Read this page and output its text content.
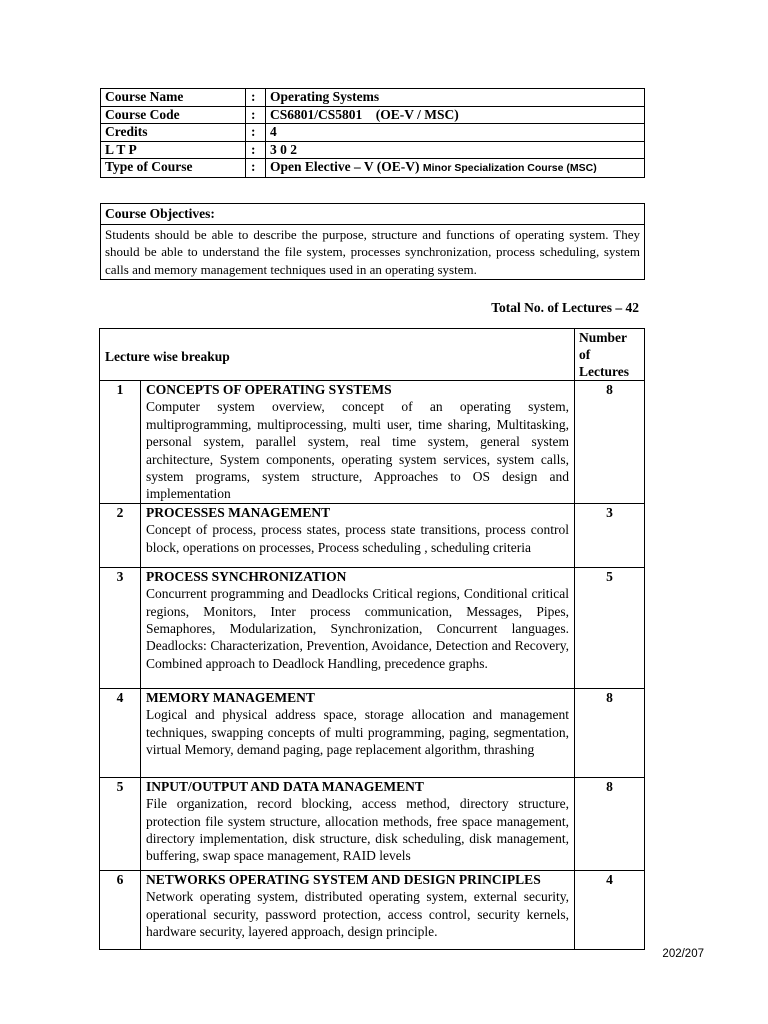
Course Name	:	Operating Systems
Course Code	:	CS6801/CS5801    (OE-V / MSC)
Credits	:	4
L T P	:	3 0 2
Type of Course	:	Open Elective – V (OE-V) Minor Specialization Course (MSC)
Course Objectives:
Students should be able to describe the purpose, structure and functions of operating system. They should be able to understand the file system, processes synchronization, process scheduling, system calls and memory management techniques used in an operating system.
Total No. of Lectures – 42
Lecture wise breakup		Number
of
Lectures

1	CONCEPTS OF OPERATING SYSTEMS
Computer system overview, concept of an operating system, multiprogramming, multiprocessing, multi user, time sharing, Multitasking, personal system, parallel system, real time system, general system architecture, System components, operating system services, system calls, system programs, system structure, Approaches to OS design and implementation	8
2	PROCESSES MANAGEMENT
Concept of process, process states, process state transitions, process control block, operations on processes, Process scheduling , scheduling criteria	3
3	PROCESS SYNCHRONIZATION
Concurrent programming and Deadlocks Critical regions, Conditional critical regions, Monitors, Inter process communication, Messages, Pipes, Semaphores, Modularization, Synchronization, Concurrent languages. Deadlocks: Characterization, Prevention, Avoidance, Detection and Recovery, Combined approach to Deadlock Handling, precedence graphs.	5
4	MEMORY MANAGEMENT
Logical and physical address space, storage allocation and management techniques, swapping concepts of multi programming, paging, segmentation, virtual Memory, demand paging, page replacement algorithm, thrashing	8
5	INPUT/OUTPUT AND DATA MANAGEMENT
File organization, record blocking, access method, directory structure, protection file system structure, allocation methods, free space management, directory implementation, disk structure, disk scheduling, disk management, buffering, swap space management, RAID levels	8
6	NETWORKS OPERATING SYSTEM AND DESIGN PRINCIPLES
Network operating system, distributed operating system, external security, operational security, password protection, access control, security kernels, hardware security, layered approach, design principle.	4
202/207
